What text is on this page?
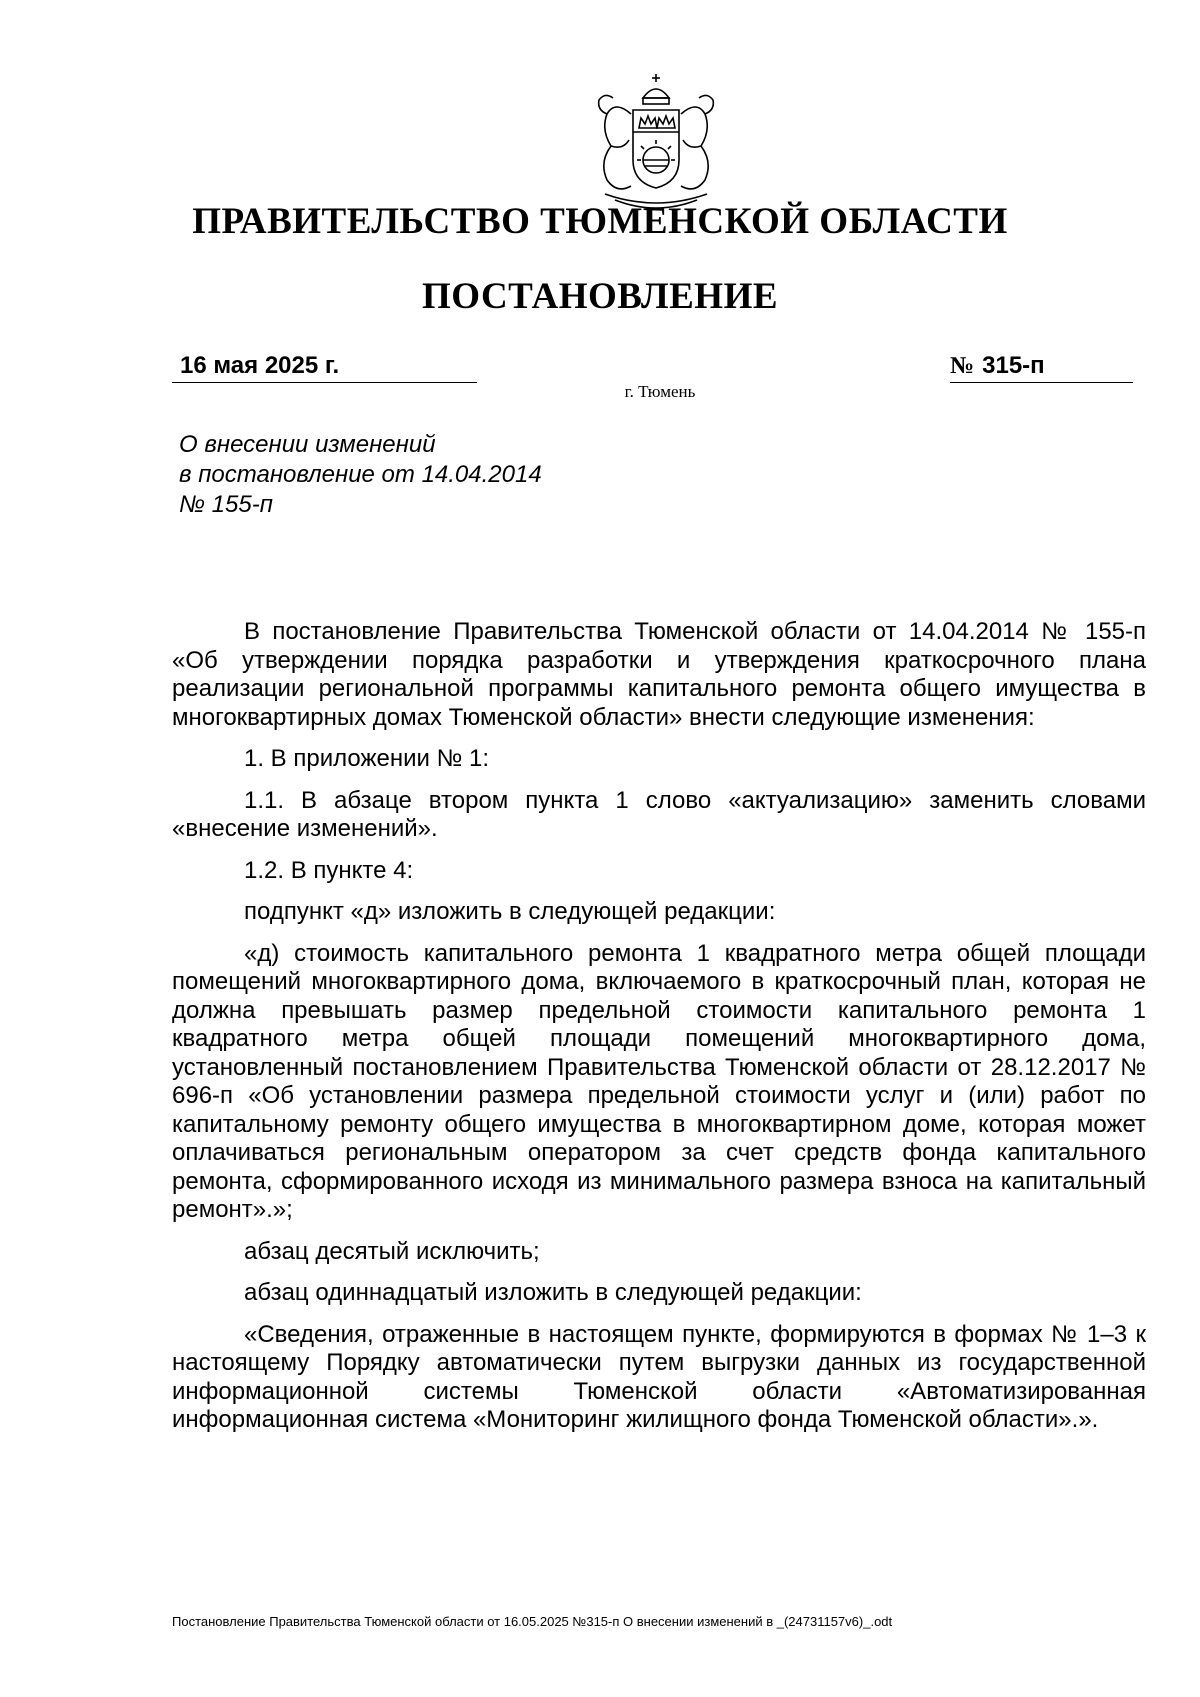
ПРАВИТЕЛЬСТВО ТЮМЕНСКОЙ ОБЛАСТИ
ПОСТАНОВЛЕНИЕ
16 мая 2025 г.	№ 315-п
г. Тюмень
О внесении изменений
в постановление от 14.04.2014
№ 155-п

В постановление Правительства Тюменской области от 14.04.2014 № 155-п «Об утверждении порядка разработки и утверждения краткосрочного плана реализации региональной программы капитального ремонта общего имущества в многоквартирных домах Тюменской области» внести следующие изменения:

1. В приложении № 1:

1.1. В абзаце втором пункта 1 слово «актуализацию» заменить словами «внесение изменений».

1.2. В пункте 4:

подпункт «д» изложить в следующей редакции:

«д) стоимость капитального ремонта 1 квадратного метра общей площади помещений многоквартирного дома, включаемого в краткосрочный план, которая не должна превышать размер предельной стоимости капитального ремонта 1 квадратного метра общей площади помещений многоквартирного дома, установленный постановлением Правительства Тюменской области от 28.12.2017 № 696-п «Об установлении размера предельной стоимости услуг и (или) работ по капитальному ремонту общего имущества в многоквартирном доме, которая может оплачиваться региональным оператором за счет средств фонда капитального ремонта, сформированного исходя из минимального размера взноса на капитальный ремонт».»;

абзац десятый исключить;

абзац одиннадцатый изложить в следующей редакции:

«Сведения, отраженные в настоящем пункте, формируются в формах № 1–3 к настоящему Порядку автоматически путем выгрузки данных из государственной информационной системы Тюменской области «Автоматизированная информационная система «Мониторинг жилищного фонда Тюменской области».».

Постановление Правительства Тюменской области от 16.05.2025 №315-п О внесении изменений в _(24731157v6)_.odt
